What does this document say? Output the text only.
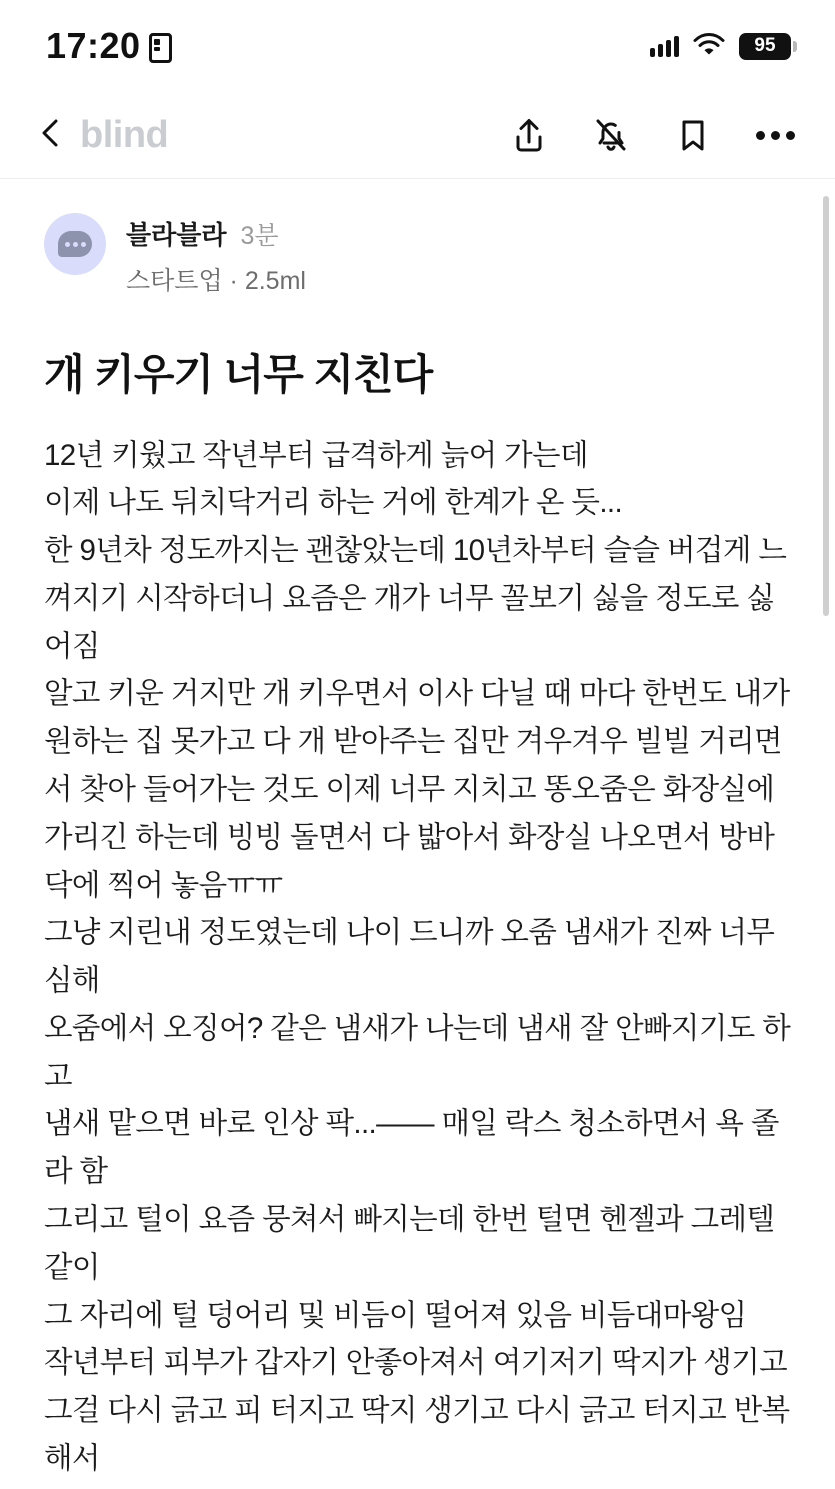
17:20	95
blind
블라블라 3분
스타트업 · 2.5ml
개 키우기 너무 지친다

12년 키웠고 작년부터 급격하게 늙어 가는데

이제 나도 뒤치닥거리 하는 거에 한계가 온 듯...

한 9년차 정도까지는 괜찮았는데 10년차부터 슬슬 버겁게 느껴지기 시작하더니 요즘은 개가 너무 꼴보기 싫을 정도로 싫어짐

알고 키운 거지만 개 키우면서 이사 다닐 때 마다 한번도 내가 원하는 집 못가고 다 개 받아주는 집만 겨우겨우 빌빌 거리면서 찾아 들어가는 것도 이제 너무 지치고 똥오줌은 화장실에 가리긴 하는데 빙빙 돌면서 다 밟아서 화장실 나오면서 방바닥에 찍어 놓음ㅠㅠ

그냥 지린내 정도였는데 나이 드니까 오줌 냄새가 진짜 너무 심해

오줌에서 오징어? 같은 냄새가 나는데 냄새 잘 안빠지기도 하고

냄새 맡으면 바로 인상 팍...—— 매일 락스 청소하면서 욕 졸라 함

그리고 털이 요즘 뭉쳐서 빠지는데 한번 털면 헨젤과 그레텔 같이

그 자리에 털 덩어리 및 비듬이 떨어져 있음 비듬대마왕임

작년부터 피부가 갑자기 안좋아져서 여기저기 딱지가 생기고

그걸 다시 긁고 피 터지고 딱지 생기고 다시 긁고 터지고 반복해서
